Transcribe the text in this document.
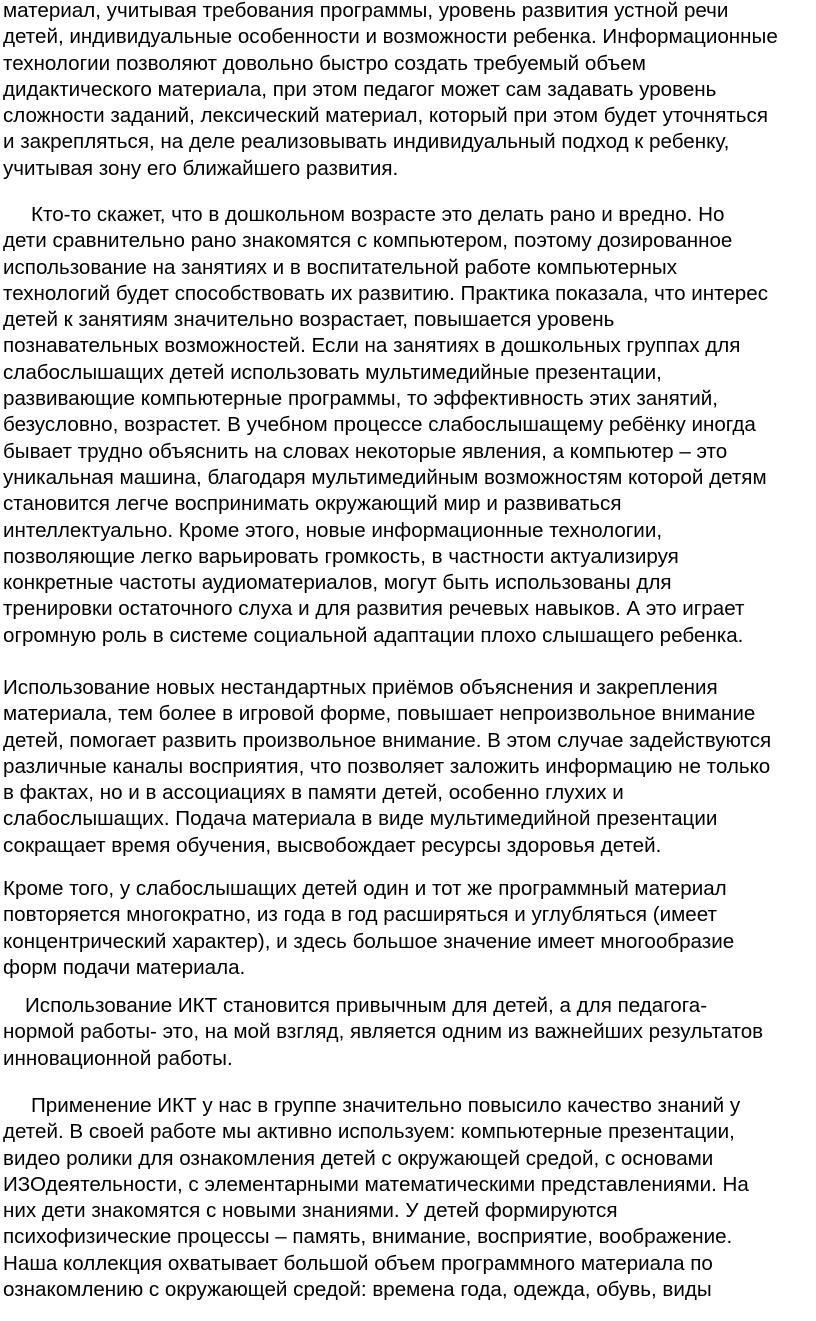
материал, учитывая требования программы, уровень развития устной речи
детей, индивидуальные особенности и возможности ребенка. Информационные
технологии позволяют довольно быстро создать требуемый объем
дидактического материала, при этом педагог может сам задавать уровень
сложности заданий, лексический материал, который при этом будет уточняться
и закрепляться, на деле реализовывать индивидуальный подход к ребенку,
учитывая зону его ближайшего развития.
Кто-то скажет, что в дошкольном возрасте это делать рано и вредно. Но
дети сравнительно рано знакомятся с компьютером, поэтому дозированное
использование на занятиях и в воспитательной работе компьютерных
технологий будет способствовать их развитию. Практика показала, что интерес
детей к занятиям значительно возрастает, повышается уровень
познавательных возможностей. Если на занятиях в дошкольных группах для
слабослышащих детей использовать мультимедийные презентации,
развивающие компьютерные программы, то эффективность этих занятий,
безусловно, возрастет. В учебном процессе слабослышащему ребёнку иногда
бывает трудно объяснить на словах некоторые явления, а компьютер – это
уникальная машина, благодаря мультимедийным возможностям которой детям
становится легче воспринимать окружающий мир и развиваться
интеллектуально. Кроме этого, новые информационные технологии,
позволяющие легко варьировать громкость, в частности актуализируя
конкретные частоты аудиоматериалов, могут быть использованы для
тренировки остаточного слуха и для развития речевых навыков. А это играет
огромную роль в системе социальной адаптации плохо слышащего ребенка.
Использование новых нестандартных приёмов объяснения и закрепления
материала, тем более в игровой форме, повышает непроизвольное внимание
детей, помогает развить произвольное внимание. В этом случае задействуются
различные каналы восприятия, что позволяет заложить информацию не только
в фактах, но и в ассоциациях в памяти детей, особенно глухих и
слабослышащих. Подача материала в виде мультимедийной презентации
сокращает время обучения, высвобождает ресурсы здоровья детей.
Кроме того, у слабослышащих детей один и тот же программный материал
повторяется многократно, из года в год расширяться и углубляться (имеет
концентрический характер), и здесь большое значение имеет многообразие
форм подачи материала.
Использование ИКТ становится привычным для детей, а для педагога-
нормой работы- это, на мой взгляд, является одним из важнейших результатов
инновационной работы.
Применение ИКТ у нас в группе значительно повысило качество знаний у
детей. В своей работе мы активно используем: компьютерные презентации,
видео ролики для ознакомления детей с окружающей средой, с основами
ИЗОдеятельности, с элементарными математическими представлениями. На
них дети знакомятся с новыми знаниями. У детей формируются
психофизические процессы – память, внимание, восприятие, воображение.
Наша коллекция охватывает большой объем программного материала по
ознакомлению с окружающей средой: времена года, одежда, обувь, виды
